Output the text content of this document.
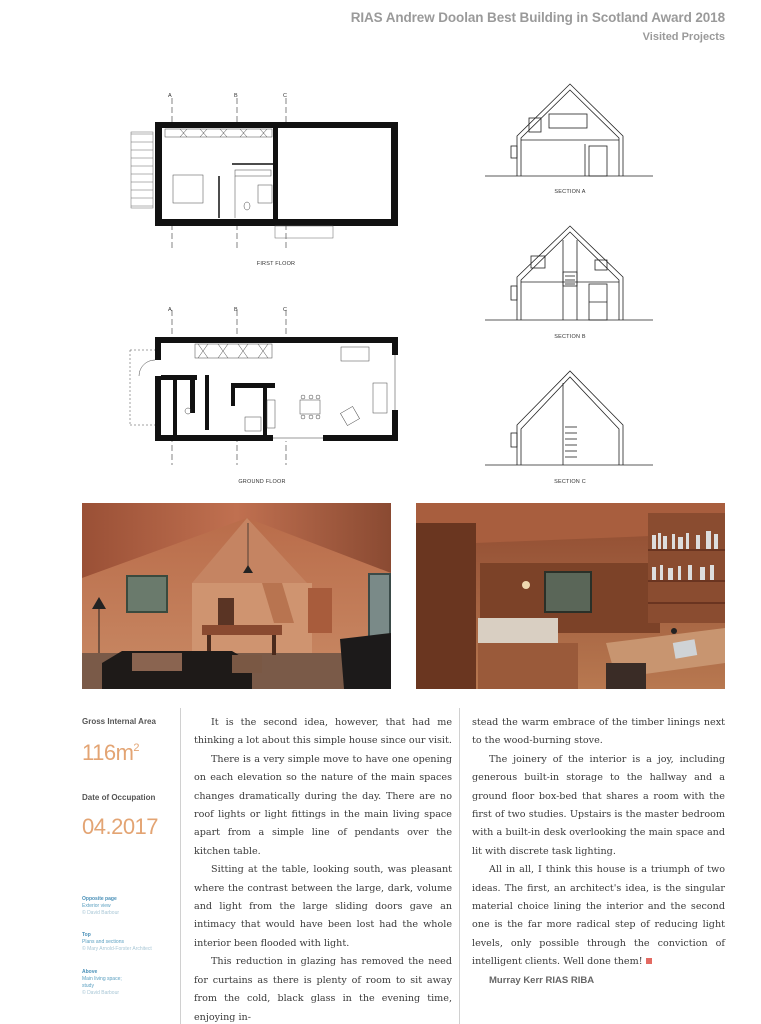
RIAS Andrew Doolan Best Building in Scotland Award 2018
Visited Projects
A	B	C
FIRST FLOOR
A	B	C
GROUND FLOOR
SECTION A
SECTION B
SECTION C
Gross Internal Area
$116m^2$
Date of Occupation
04.2017
Opposite page
Exterior view
© David Barbour
Top
Plans and sections
© Mary Arnold-Forster Architect
Above
Main living space;
study
© David Barbour

It is the second idea, however, that had me thinking a lot about this simple house since our visit.

There is a very simple move to have one opening on each elevation so the nature of the main spaces changes dramatically during the day. There are no roof lights or light fittings in the main living space apart from a simple line of pendants over the kitchen table.

Sitting at the table, looking south, was pleasant where the contrast between the large, dark, volume and light from the large sliding doors gave an intimacy that would have been lost had the whole interior been flooded with light.

This reduction in glazing has removed the need for curtains as there is plenty of room to sit away from the cold, black glass in the evening time, enjoying in-

stead the warm embrace of the timber linings next to the wood-burning stove.

The joinery of the interior is a joy, including generous built-in storage to the hallway and a ground floor box-bed that shares a room with the first of two studies. Upstairs is the master bedroom with a built-in desk overlooking the main space and lit with discrete task lighting.

All in all, I think this house is a triumph of two ideas. The first, an architect's idea, is the singular material choice lining the interior and the second one is the far more radical step of reducing light levels, only possible through the conviction of intelligent clients. Well done them!

Murray Kerr RIAS RIBA
